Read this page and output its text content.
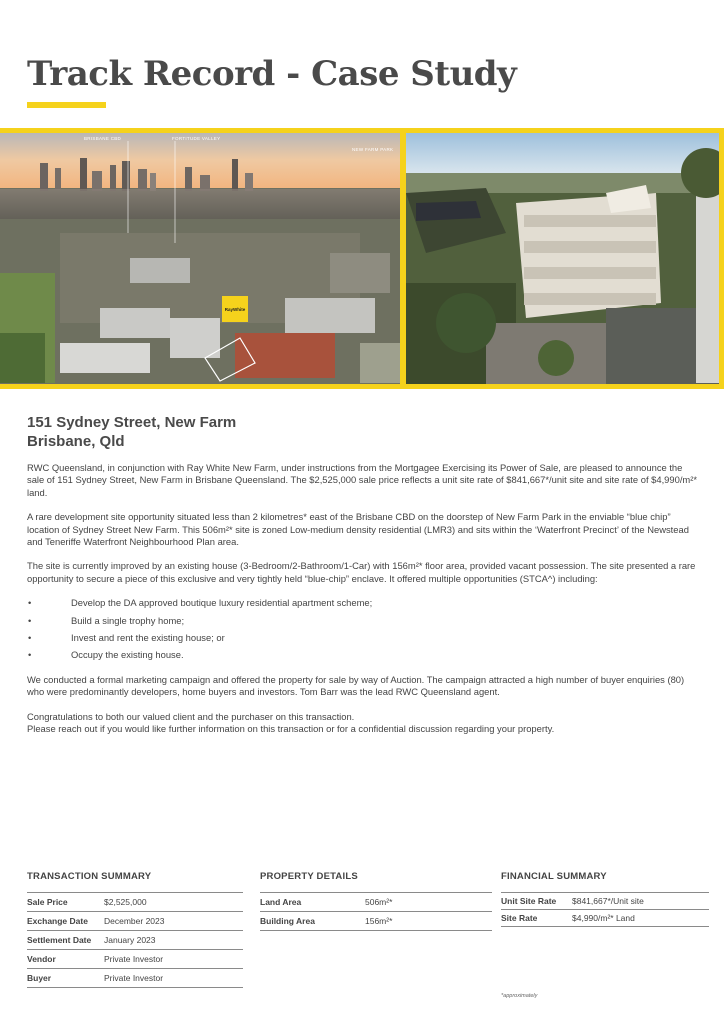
Track Record - Case Study
BRISBANE CBD	FORTITUDE VALLEY
NEW FARM PARK
RayWhite
151 Sydney Street, New Farm
Brisbane, Qld

RWC Queensland, in conjunction with Ray White New Farm, under instructions from the Mortgagee Exercising its Power of Sale, are pleased to announce the sale of 151 Sydney Street, New Farm in Brisbane Queensland. The $2,525,000 sale price reflects a unit site rate of $841,667*/unit site and site rate of $4,990/m²* land.

A rare development site opportunity situated less than 2 kilometres* east of the Brisbane CBD on the doorstep of New Farm Park in the enviable “blue chip” location of Sydney Street New Farm. This 506m²* site is zoned Low-medium density residential (LMR3) and sits within the ‘Waterfront Precinct’ of the Newstead and Teneriffe Waterfront Neighbourhood Plan area.

The site is currently improved by an existing house (3-Bedroom/2-Bathroom/1-Car) with 156m²* floor area, provided vacant possession. The site presented a rare opportunity to secure a piece of this exclusive and very tightly held “blue-chip” enclave. It offered multiple opportunities (STCA^) including:

• Develop the DA approved boutique luxury residential apartment scheme;
• Build a single trophy home;
• Invest and rent the existing house; or
• Occupy the existing house.

We conducted a formal marketing campaign and offered the property for sale by way of Auction. The campaign attracted a high number of buyer enquiries (80) who were predominantly developers, home buyers and investors. Tom Barr was the lead RWC Queensland agent.

Congratulations to both our valued client and the purchaser on this transaction.
Please reach out if you would like further information on this transaction or for a confidential discussion regarding your property.

TRANSACTION SUMMARY
Sale Price	$2,525,000
Exchange Date	December 2023
Settlement Date	January 2023
Vendor	Private Investor
Buyer	Private Investor
PROPERTY DETAILS
Land Area	506m²*
Building Area	156m²*
FINANCIAL SUMMARY
Unit Site Rate	$841,667*/Unit site
Site Rate	$4,990/m²* Land
*approximately
